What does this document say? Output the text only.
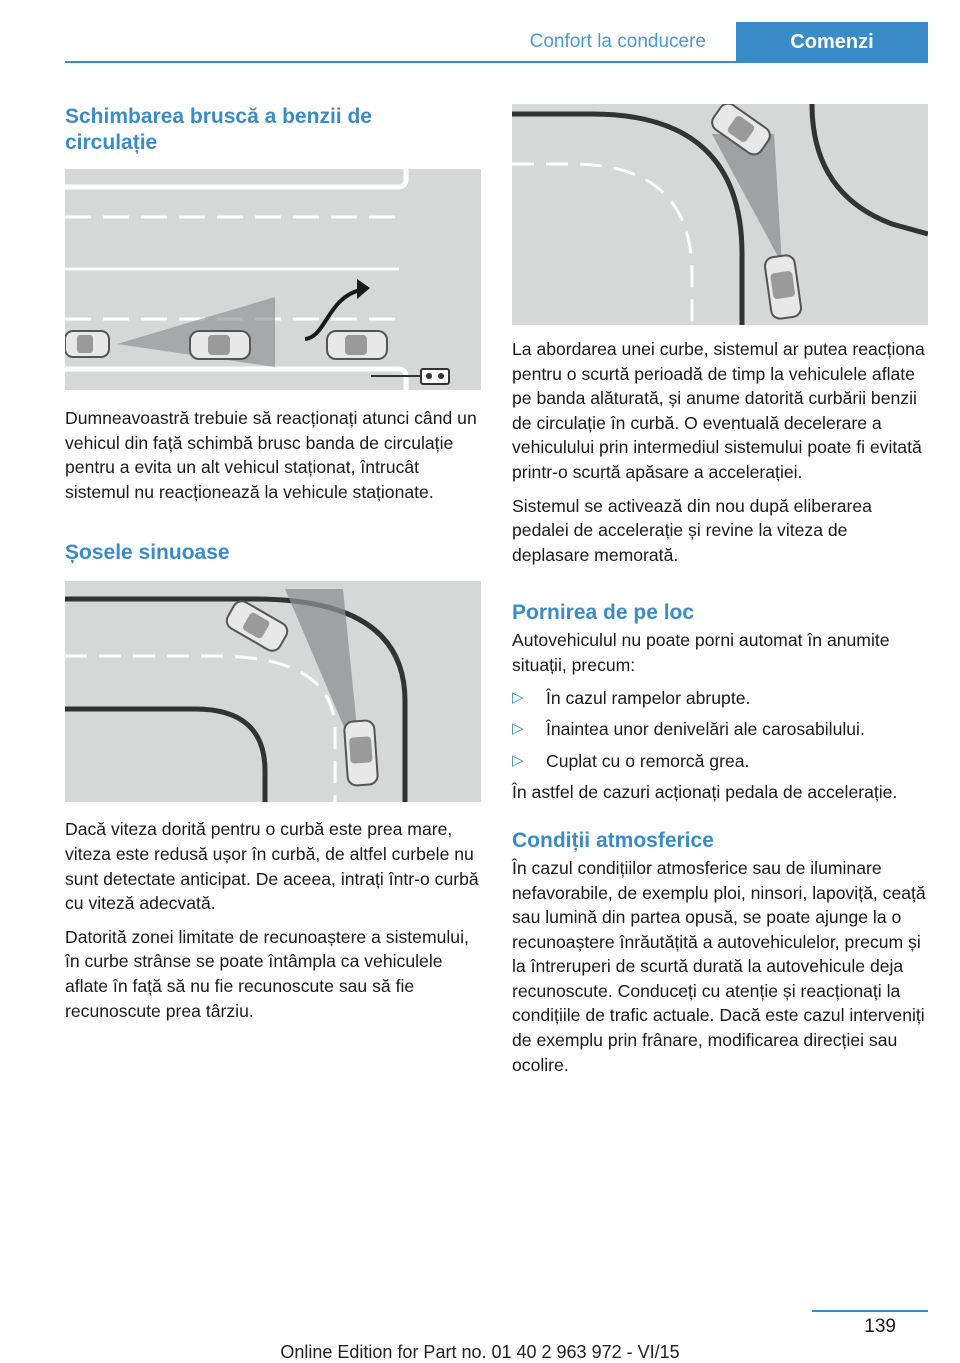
Confort la conducere	Comenzi
Schimbarea bruscă a benzii de circulație

Dumneavoastră trebuie să reacționați atunci când un vehicul din față schimbă brusc banda de circulație pentru a evita un alt vehicul staționat, întrucât sistemul nu reacționează la vehicule staționate.

Șosele sinuoase

Dacă viteza dorită pentru o curbă este prea mare, viteza este redusă ușor în curbă, de altfel curbele nu sunt detectate anticipat. De aceea, intrați într-o curbă cu viteză adecvată.

Datorită zonei limitate de recunoaștere a sistemului, în curbe strânse se poate întâmpla ca vehiculele aflate în față să nu fie recunoscute sau să fie recunoscute prea târziu.

La abordarea unei curbe, sistemul ar putea reacționa pentru o scurtă perioadă de timp la vehiculele aflate pe banda alăturată, și anume datorită curbării benzii de circulație în curbă. O eventuală decelerare a vehiculului prin intermediul sistemului poate fi evitată printr-o scurtă apăsare a accelerației.

Sistemul se activează din nou după eliberarea pedalei de accelerație și revine la viteza de deplasare memorată.

Pornirea de pe loc

Autovehiculul nu poate porni automat în anumite situații, precum:

▷ În cazul rampelor abrupte.
▷ Înaintea unor denivelări ale carosabilului.
▷ Cuplat cu o remorcă grea.

În astfel de cazuri acționați pedala de accelerație.

Condiții atmosferice

În cazul condițiilor atmosferice sau de iluminare nefavorabile, de exemplu ploi, ninsori, lapoviță, ceață sau lumină din partea opusă, se poate ajunge la o recunoaștere înrăutățită a autovehiculelor, precum și la întreruperi de scurtă durată la autovehicule deja recunoscute. Conduceți cu atenție și reacționați la condițiile de trafic actuale. Dacă este cazul interveniți de exemplu prin frânare, modificarea direcției sau ocolire.

139
Online Edition for Part no. 01 40 2 963 972 - VI/15
